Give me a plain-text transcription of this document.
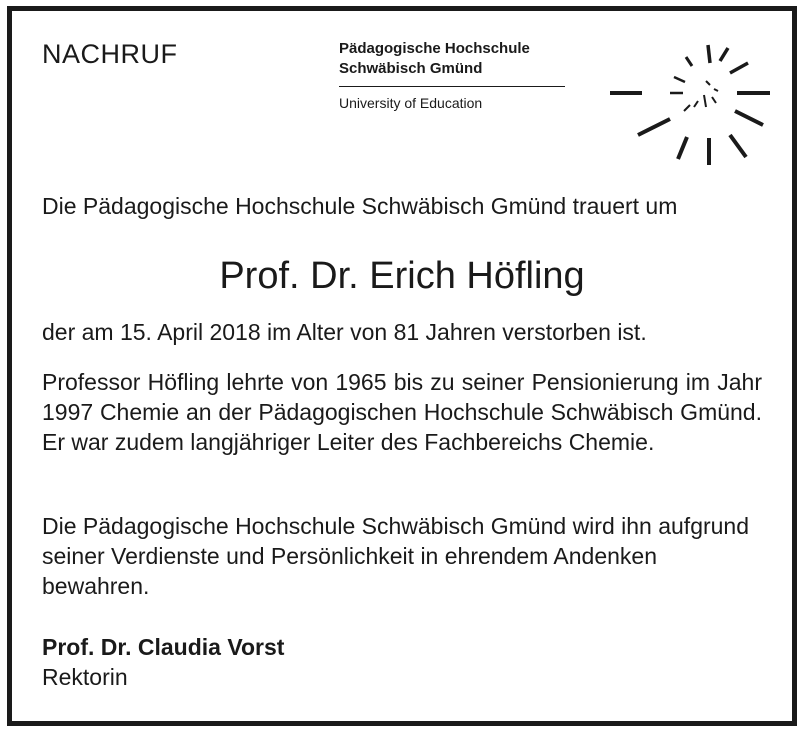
NACHRUF	Pädagogische Hochschule
Schwäbisch Gmünd
University of Education
Die Pädagogische Hochschule Schwäbisch Gmünd trauert um
Prof. Dr. Erich Höfling
der am 15. April 2018 im Alter von 81 Jahren verstorben ist.
Professor Höfling lehrte von 1965 bis zu seiner Pensionierung im Jahr 1997 Chemie an der Pädagogischen Hochschule Schwäbisch Gmünd. Er war zudem langjähriger Leiter des Fachbereichs Chemie.
Die Pädagogische Hochschule Schwäbisch Gmünd wird ihn aufgrund seiner Verdienste und Persönlichkeit in ehrendem Andenken bewahren.
Prof. Dr. Claudia Vorst
Rektorin
